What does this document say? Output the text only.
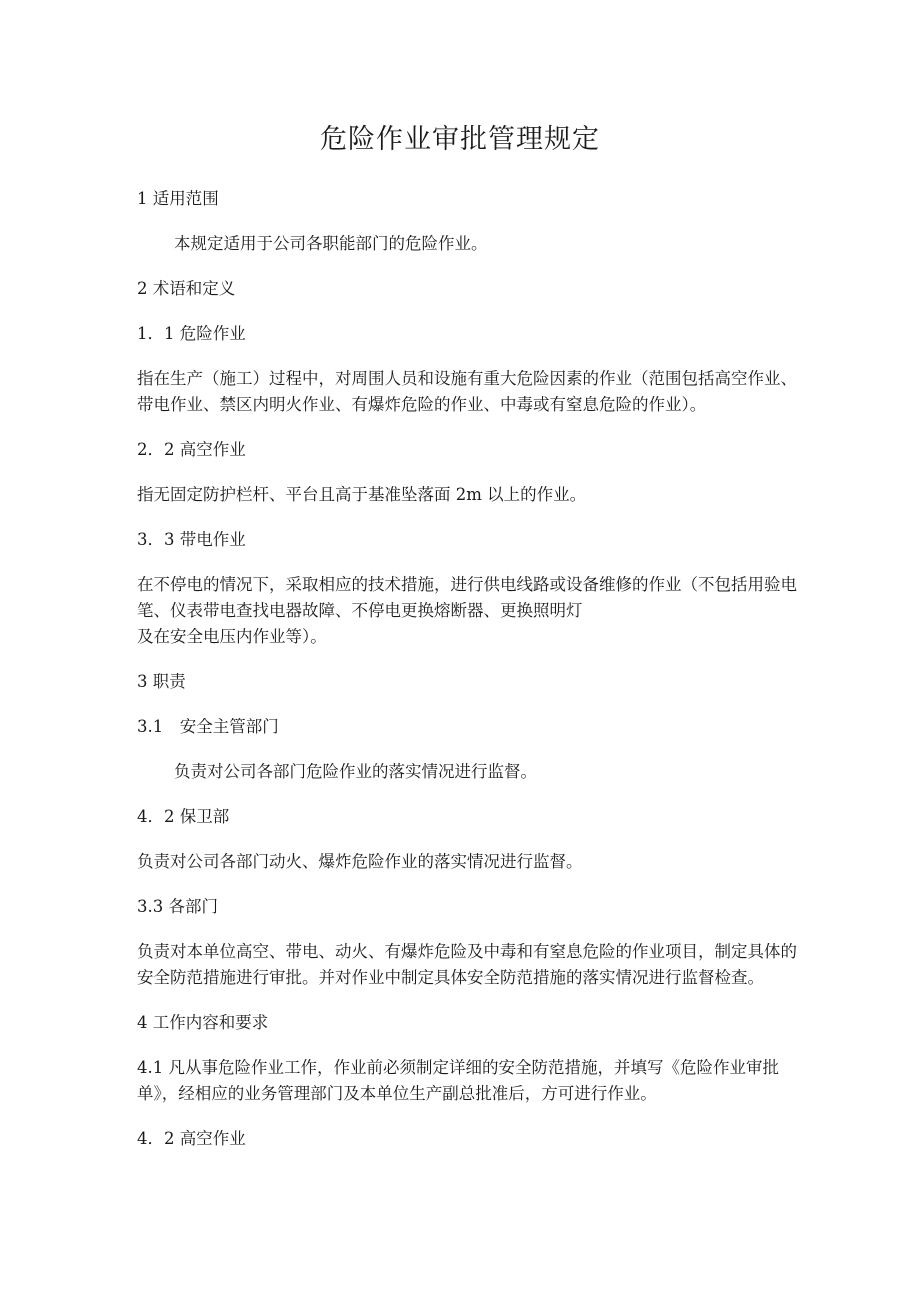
危险作业审批管理规定

1 适用范围

本规定适用于公司各职能部门的危险作业。

2 术语和定义

1．1 危险作业

指在生产（施工）过程中，对周围人员和设施有重大危险因素的作业（范围包括高空作业、带电作业、禁区内明火作业、有爆炸危险的作业、中毒或有窒息危险的作业）。

2．2 高空作业

指无固定防护栏杆、平台且高于基准坠落面 2m 以上的作业。

3．3 带电作业

在不停电的情况下，采取相应的技术措施，进行供电线路或设备维修的作业（不包括用验电笔、仪表带电查找电器故障、不停电更换熔断器、更换照明灯
及在安全电压内作业等）。

3 职责

3.1　安全主管部门

负责对公司各部门危险作业的落实情况进行监督。

4．2 保卫部

负责对公司各部门动火、爆炸危险作业的落实情况进行监督。

3.3 各部门

负责对本单位高空、带电、动火、有爆炸危险及中毒和有窒息危险的作业项目，制定具体的安全防范措施进行审批。并对作业中制定具体安全防范措施的落实情况进行监督检查。

4 工作内容和要求

4.1 凡从事危险作业工作，作业前必须制定详细的安全防范措施，并填写《危险作业审批单》，经相应的业务管理部门及本单位生产副总批准后，方可进行作业。

4．2 高空作业
